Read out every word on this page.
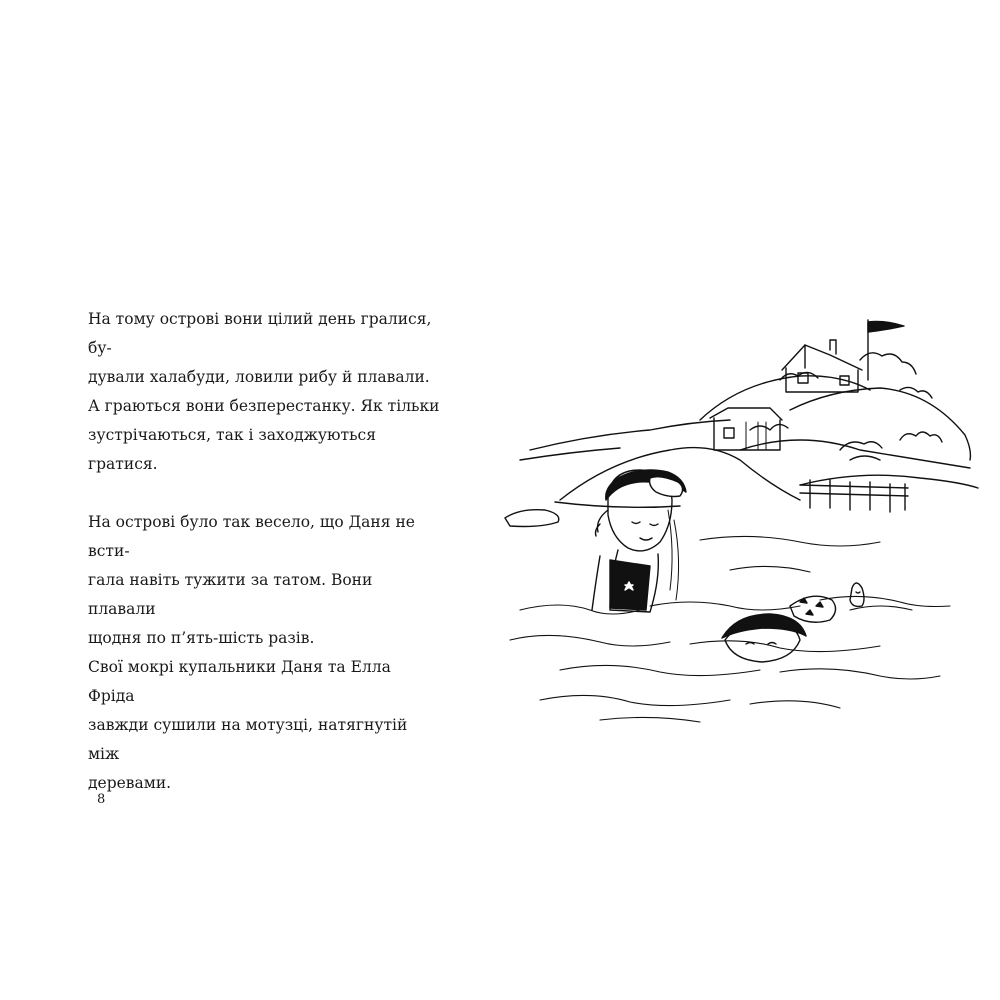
На тому острові вони цілий день гралися, бу-

дували халабуди, ловили рибу й плавали.

А граються вони безперестанку. Як тільки

зустрічаються, так і заходжуються гратися.

На острові було так весело, що Даня не всти-

гала навіть тужити за татом. Вони плавали

щодня по п’ять-шість разів.

Свої мокрі купальники Даня та Елла Фріда

завжди сушили на мотузці, натягнутій між

деревами.

8
